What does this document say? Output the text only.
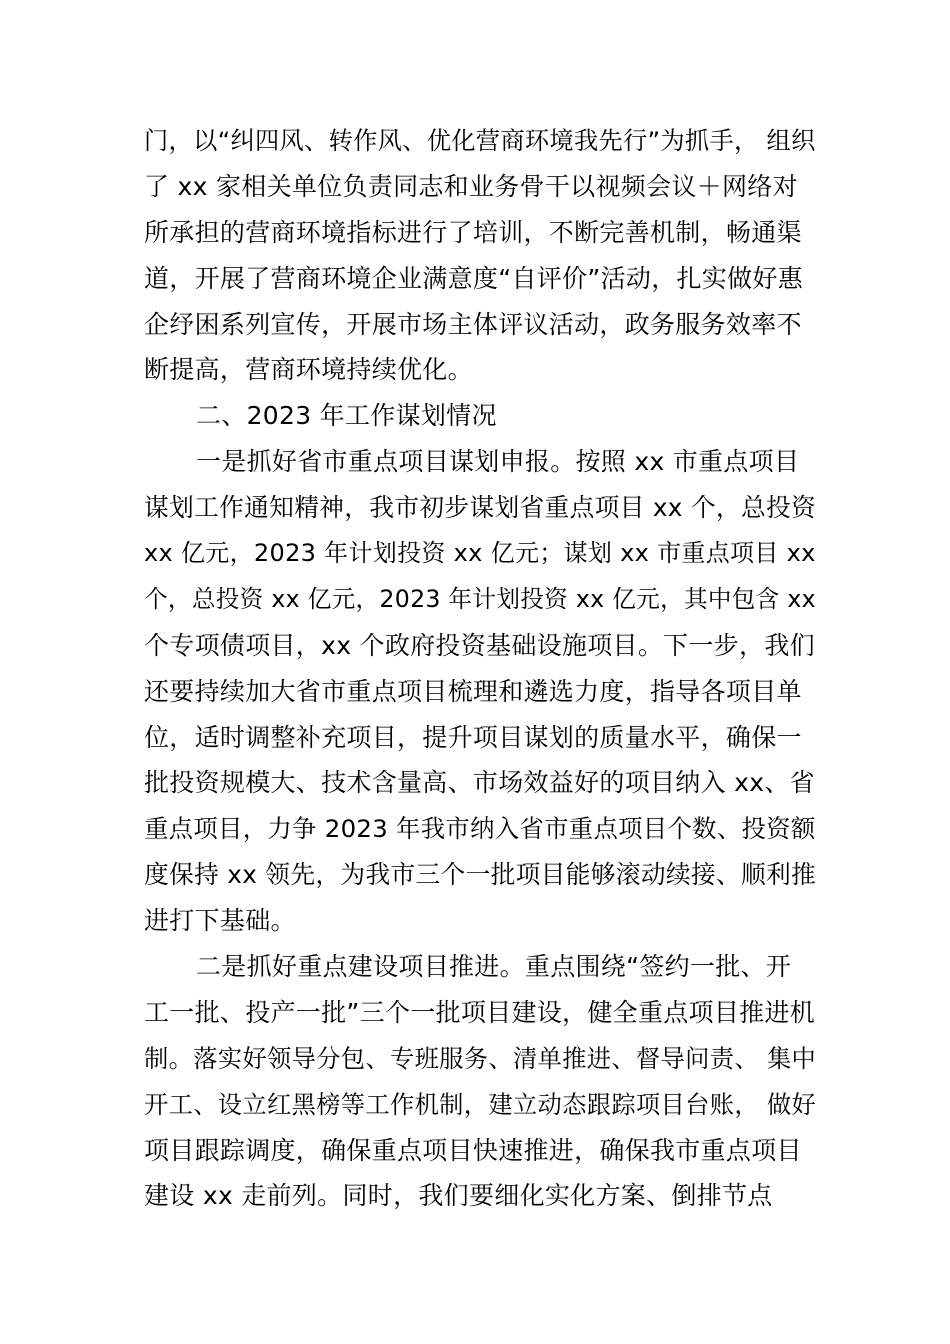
门，以“纠四风、转作风、优化营商环境我先行”为抓手， 组织
了 xx 家相关单位负责同志和业务骨干以视频会议＋网络对
所承担的营商环境指标进行了培训，不断完善机制，畅通渠
道，开展了营商环境企业满意度“自评价”活动，扎实做好惠
企纾困系列宣传，开展市场主体评议活动，政务服务效率不
断提高，营商环境持续优化。
二、2023 年工作谋划情况
一是抓好省市重点项目谋划申报。按照 xx 市重点项目
谋划工作通知精神，我市初步谋划省重点项目 xx 个，总投资
xx 亿元，2023 年计划投资 xx 亿元；谋划 xx 市重点项目 xx
个，总投资 xx 亿元，2023 年计划投资 xx 亿元，其中包含 xx
个专项债项目，xx 个政府投资基础设施项目。下一步，我们
还要持续加大省市重点项目梳理和遴选力度，指导各项目单
位，适时调整补充项目，提升项目谋划的质量水平，确保一
批投资规模大、技术含量高、市场效益好的项目纳入 xx、省
重点项目，力争 2023 年我市纳入省市重点项目个数、投资额
度保持 xx 领先，为我市三个一批项目能够滚动续接、顺利推
进打下基础。
二是抓好重点建设项目推进。重点围绕“签约一批、开
工一批、投产一批”三个一批项目建设，健全重点项目推进机
制。落实好领导分包、专班服务、清单推进、督导问责、 集中
开工、设立红黑榜等工作机制，建立动态跟踪项目台账， 做好
项目跟踪调度，确保重点项目快速推进，确保我市重点项目
建设 xx 走前列。同时，我们要细化实化方案、倒排节点
